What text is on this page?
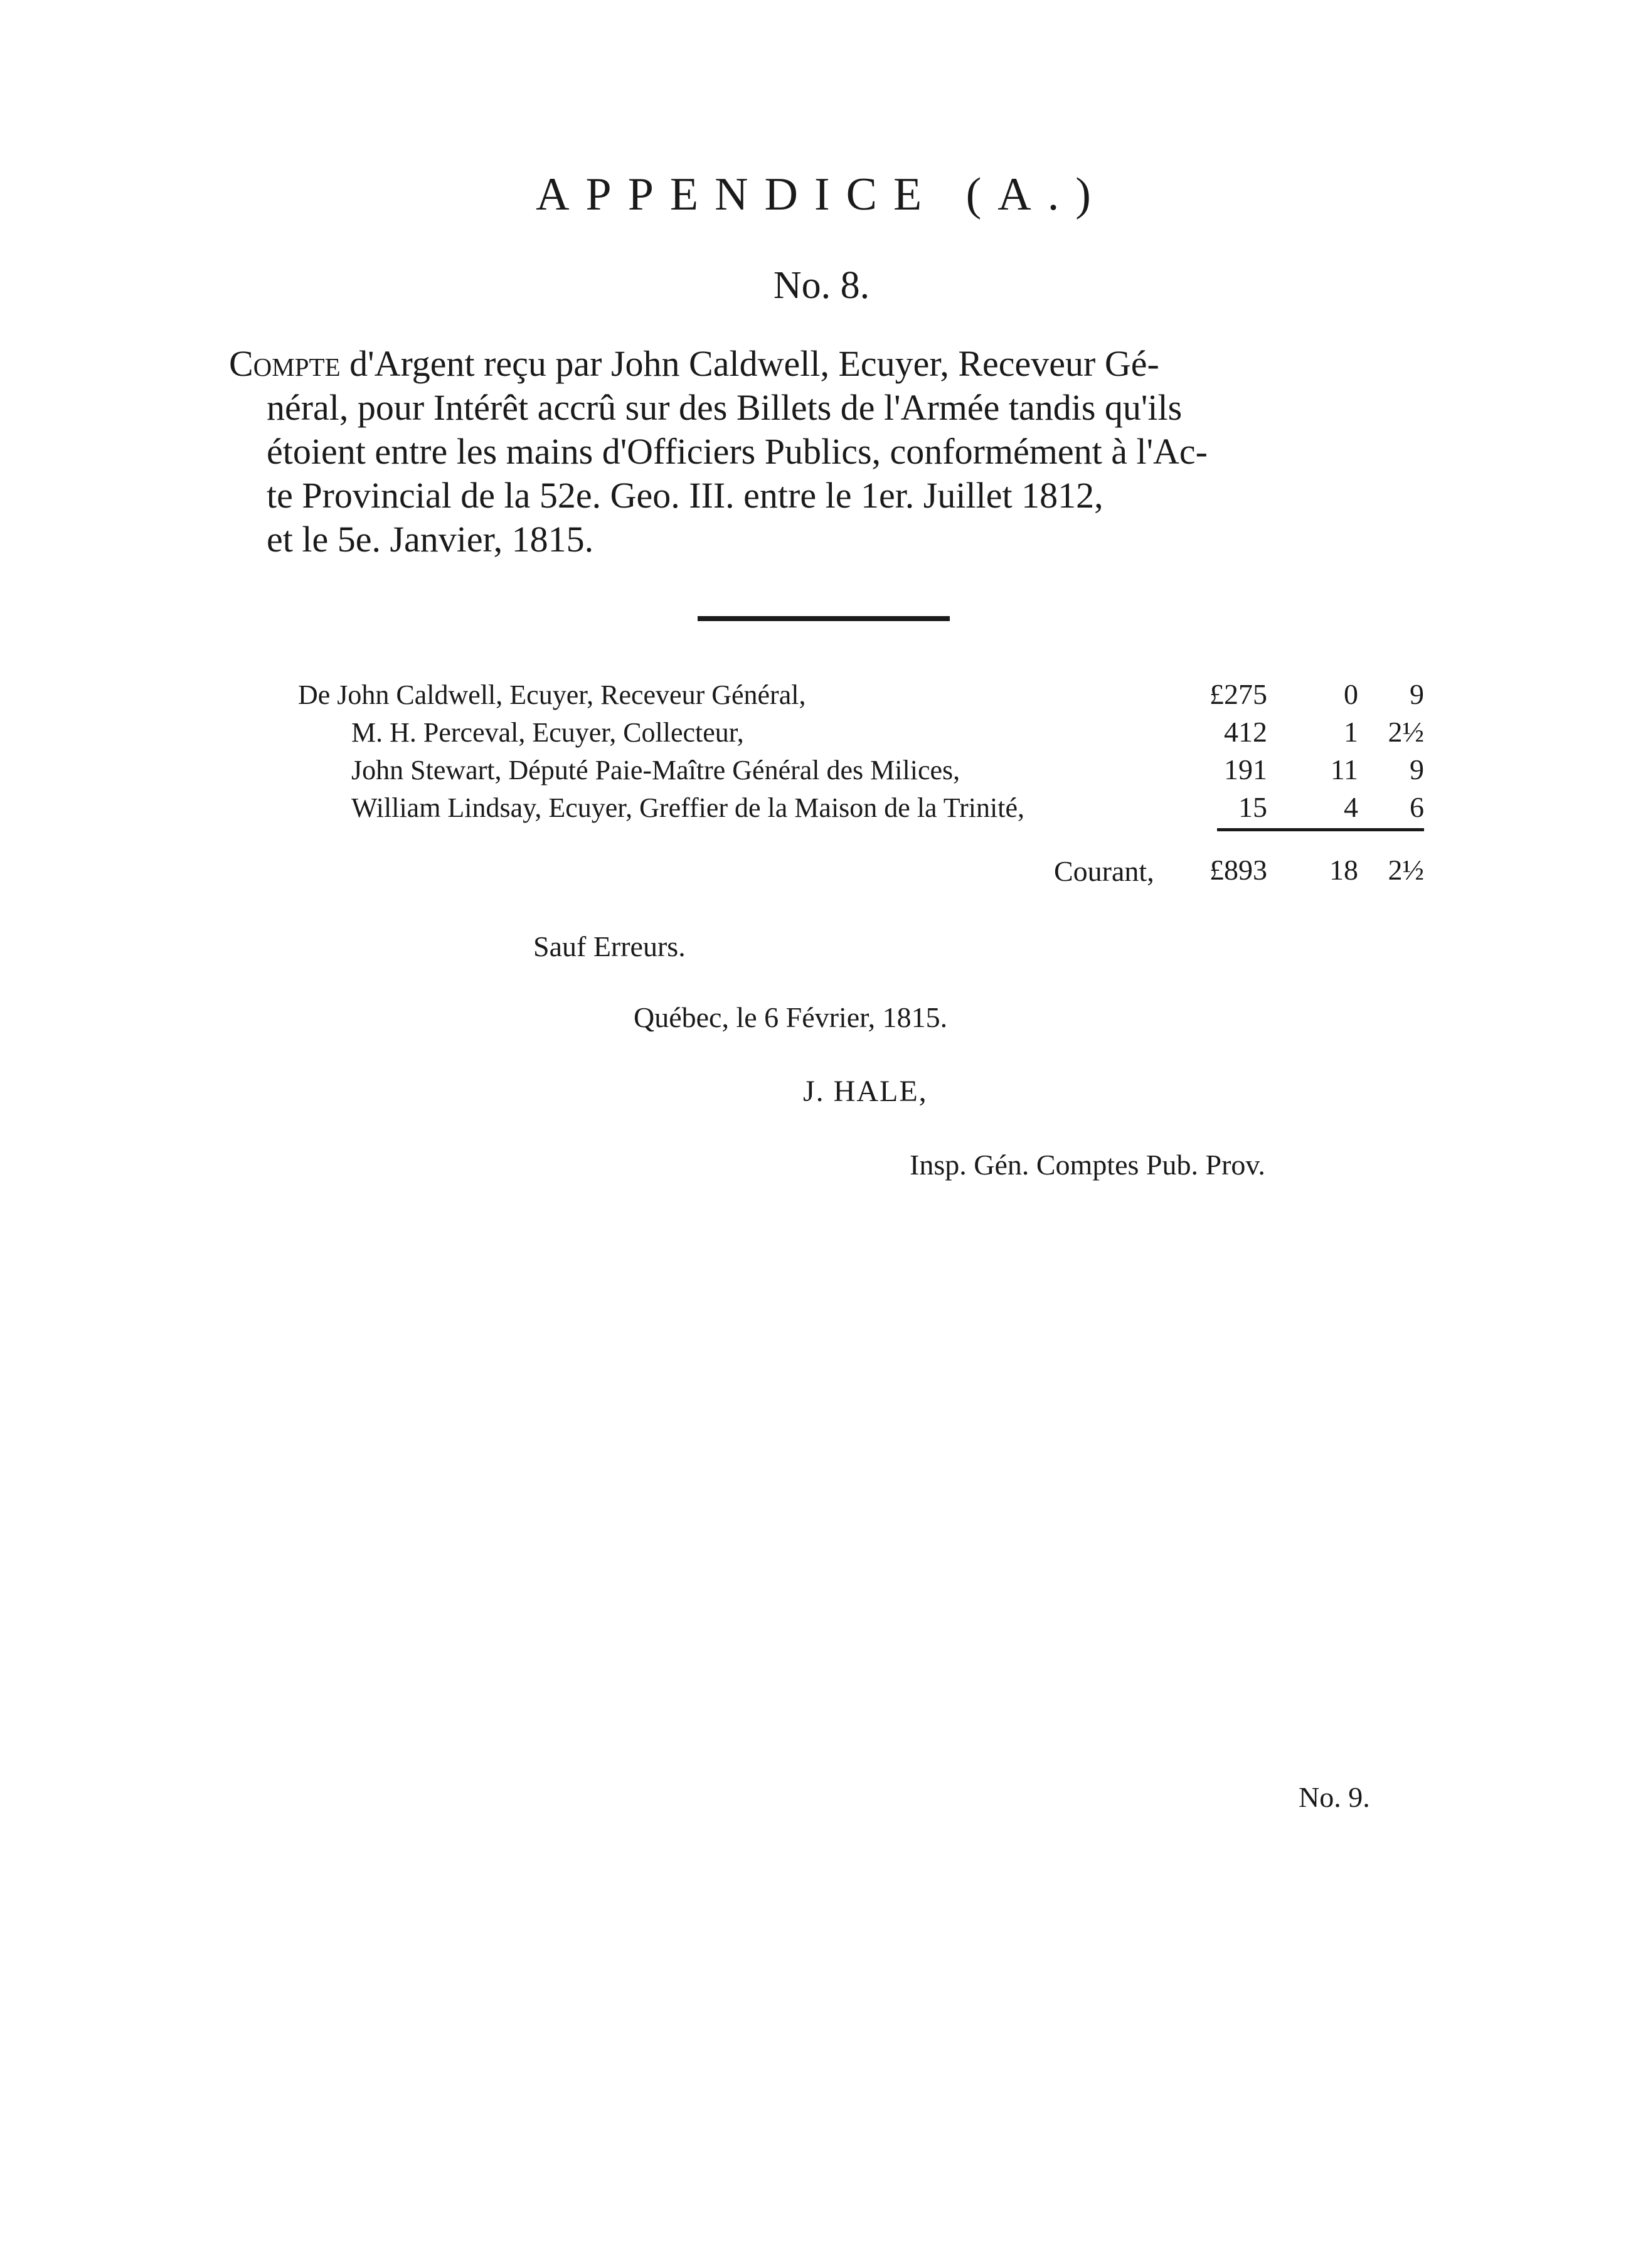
APPENDICE (A.)
No. 8.
Compte d'Argent reçu par John Caldwell, Ecuyer, Receveur Gé-
néral, pour Intérêt accrû sur des Billets de l'Armée tandis qu'ils
étoient entre les mains d'Officiers Publics, conformément à l'Ac-
te Provincial de la 52e. Geo. III. entre le 1er. Juillet 1812,
et le 5e. Janvier, 1815.
De John Caldwell, Ecuyer, Receveur Général,	£275	0	9
M. H. Perceval, Ecuyer, Collecteur,	412	1	2½
John Stewart, Député Paie-Maître Général des Milices,	191	11	9
William Lindsay, Ecuyer, Greffier de la Maison de la Trinité,	15	4	6
Courant,	£893	18	2½
Sauf Erreurs.
Québec, le 6 Février, 1815.
J. HALE,
Insp. Gén. Comptes Pub. Prov.
No. 9.
